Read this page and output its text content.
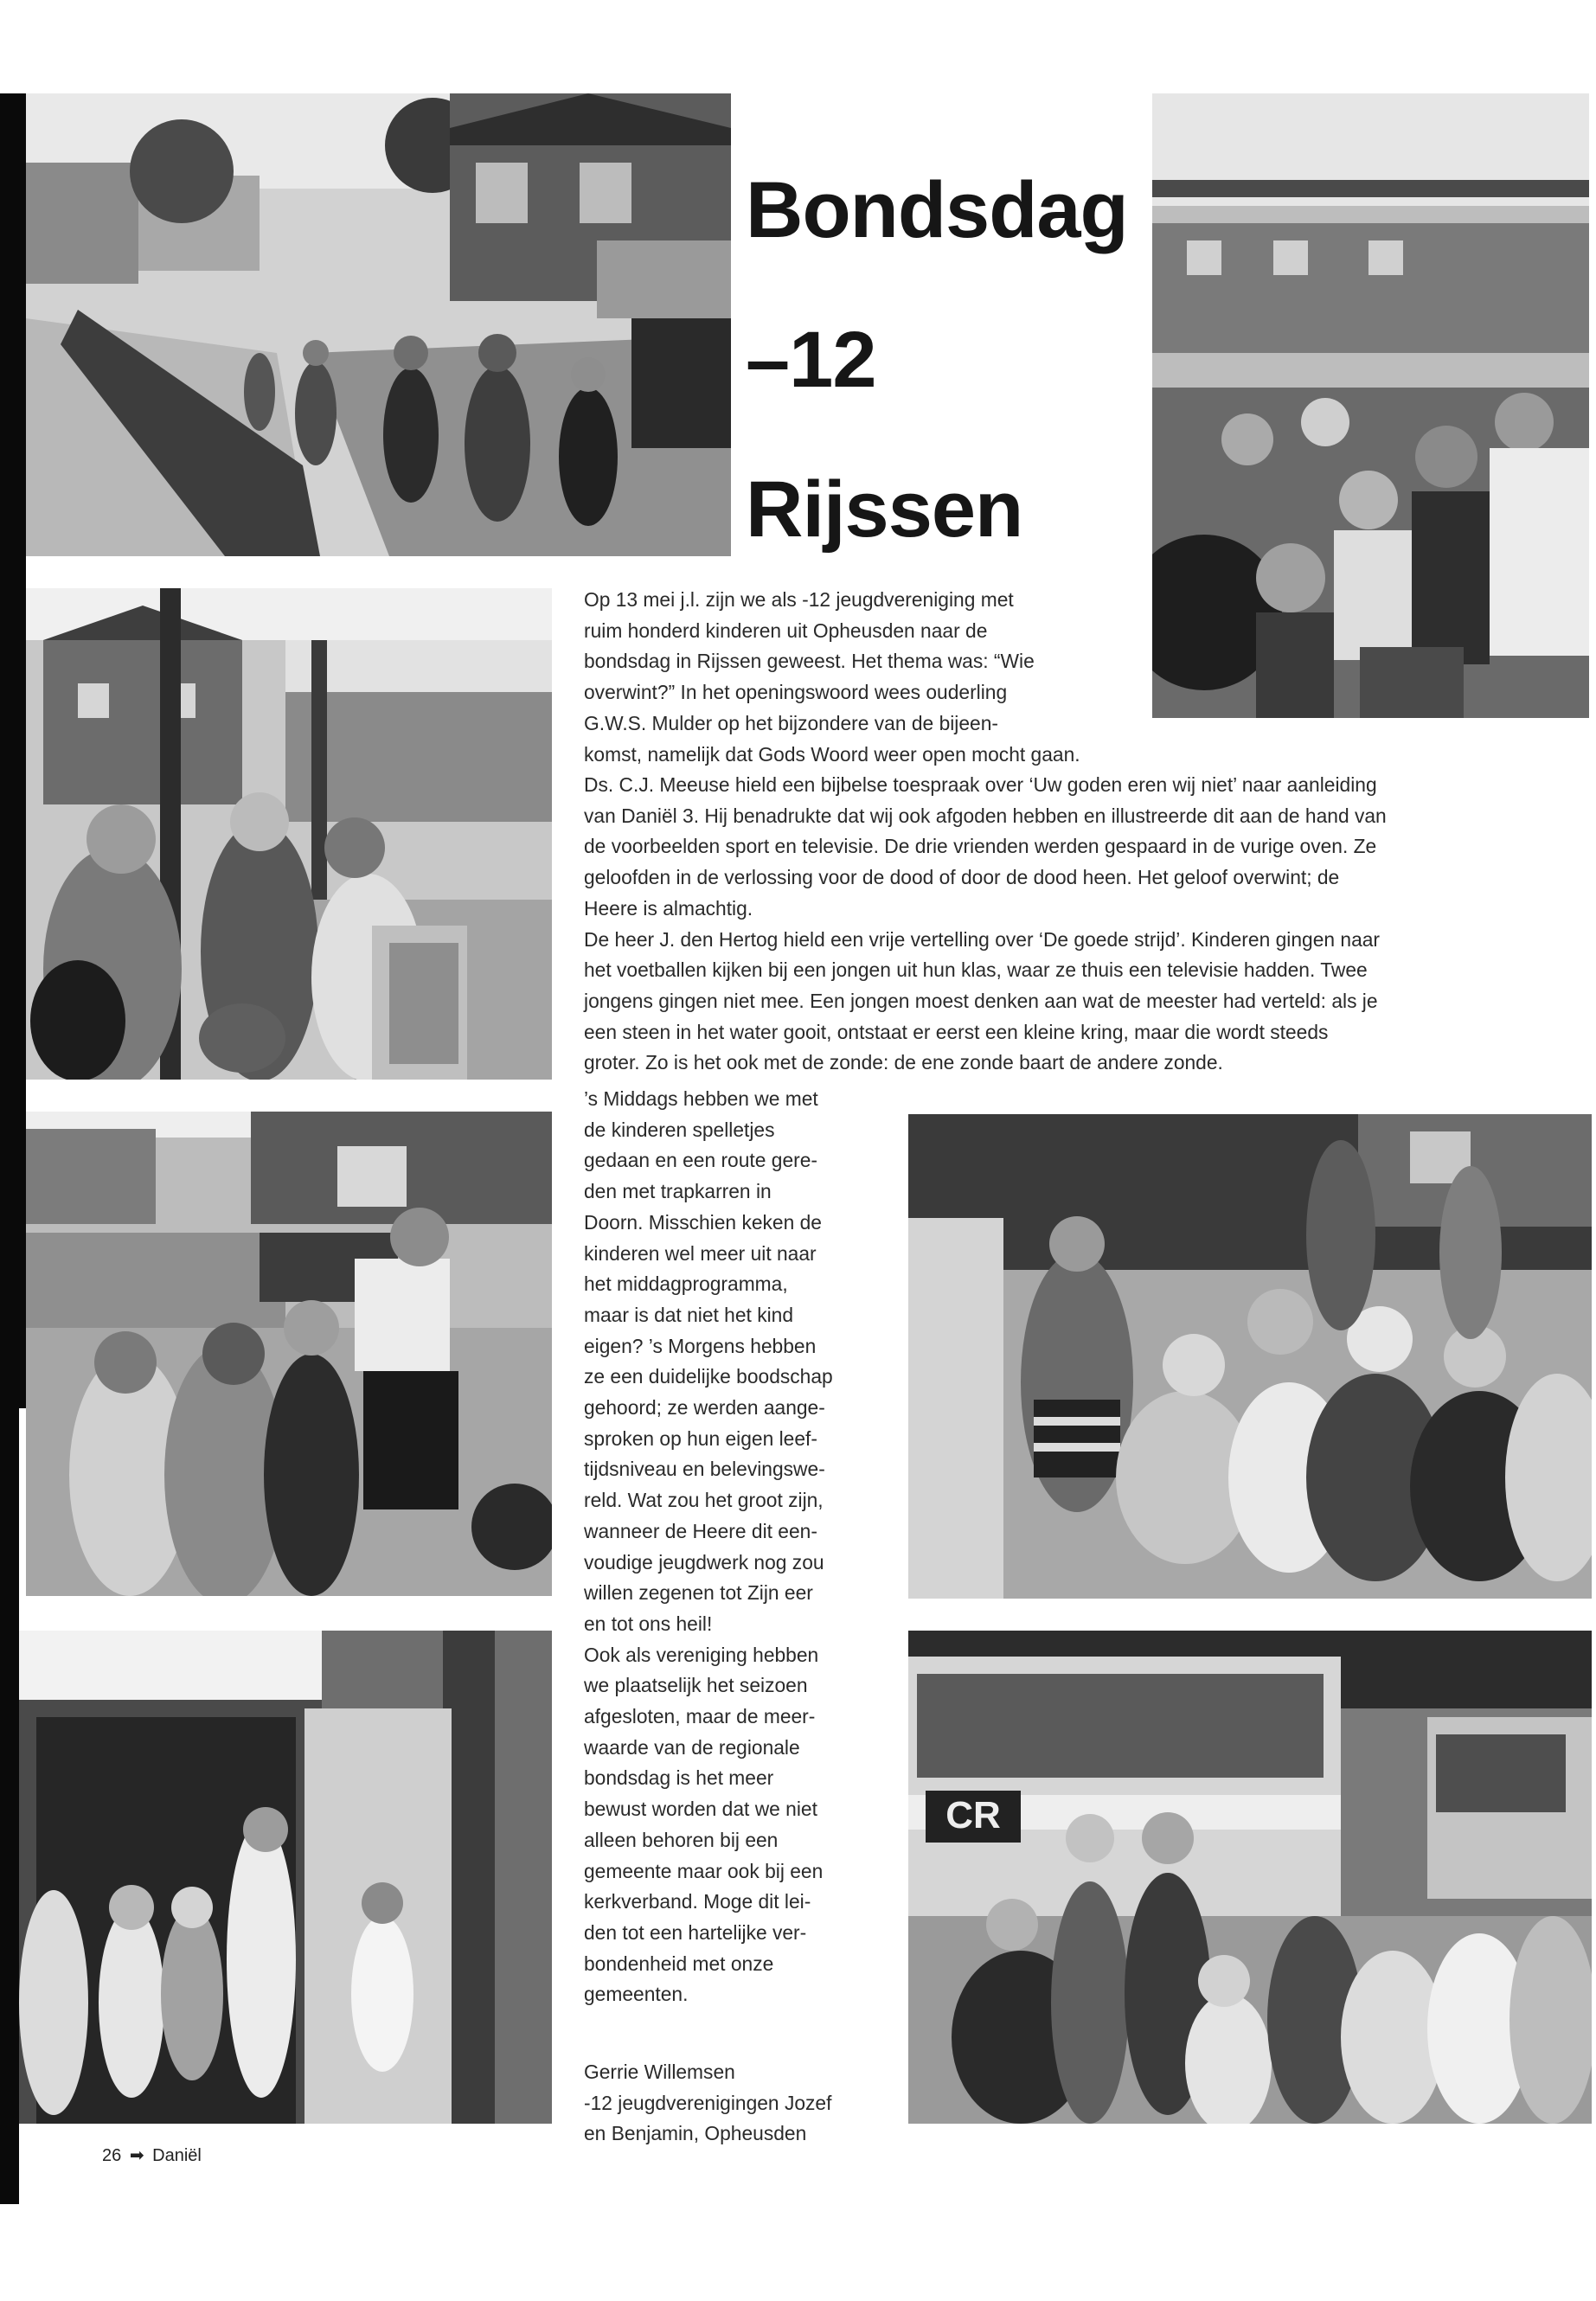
Bondsdag
–12
Rijssen
Op 13 mei j.l. zijn we als -12 jeugdvereniging met
ruim honderd kinderen uit Opheusden naar de
bondsdag in Rijssen geweest. Het thema was: “Wie
overwint?” In het openingswoord wees ouderling
G.W.S. Mulder op het bijzondere van de bijeen-
komst, namelijk dat Gods Woord weer open mocht gaan.
Ds. C.J. Meeuse hield een bijbelse toespraak over ‘Uw goden eren wij niet’ naar aanleiding
van Daniël 3. Hij benadrukte dat wij ook afgoden hebben en illustreerde dit aan de hand van
de voorbeelden sport en televisie. De drie vrienden werden gespaard in de vurige oven. Ze
geloofden in de verlossing voor de dood of door de dood heen. Het geloof overwint; de
Heere is almachtig.
De heer J. den Hertog hield een vrije vertelling over ‘De goede strijd’. Kinderen gingen naar
het voetballen kijken bij een jongen uit hun klas, waar ze thuis een televisie hadden. Twee
jongens gingen niet mee. Een jongen moest denken aan wat de meester had verteld: als je
een steen in het water gooit, ontstaat er eerst een kleine kring, maar die wordt steeds
groter. Zo is het ook met de zonde: de ene zonde baart de andere zonde.
’s Middags hebben we met
de kinderen spelletjes
gedaan en een route gere-
den met trapkarren in
Doorn. Misschien keken de
kinderen wel meer uit naar
het middagprogramma,
maar is dat niet het kind
eigen? ’s Morgens hebben
ze een duidelijke boodschap
gehoord; ze werden aange-
sproken op hun eigen leef-
tijdsniveau en belevingswe-
reld. Wat zou het groot zijn,
wanneer de Heere dit een-
voudige jeugdwerk nog zou
willen zegenen tot Zijn eer
en tot ons heil!
Ook als vereniging hebben
we plaatselijk het seizoen
afgesloten, maar de meer-
waarde van de regionale
bondsdag is het meer
bewust worden dat we niet
alleen behoren bij een
gemeente maar ook bij een
kerkverband. Moge dit lei-
den tot een hartelijke ver-
bondenheid met onze
gemeenten.
Gerrie Willemsen
-12 jeugdverenigingen Jozef
en Benjamin, Opheusden
CR
26 ➡ Daniël
